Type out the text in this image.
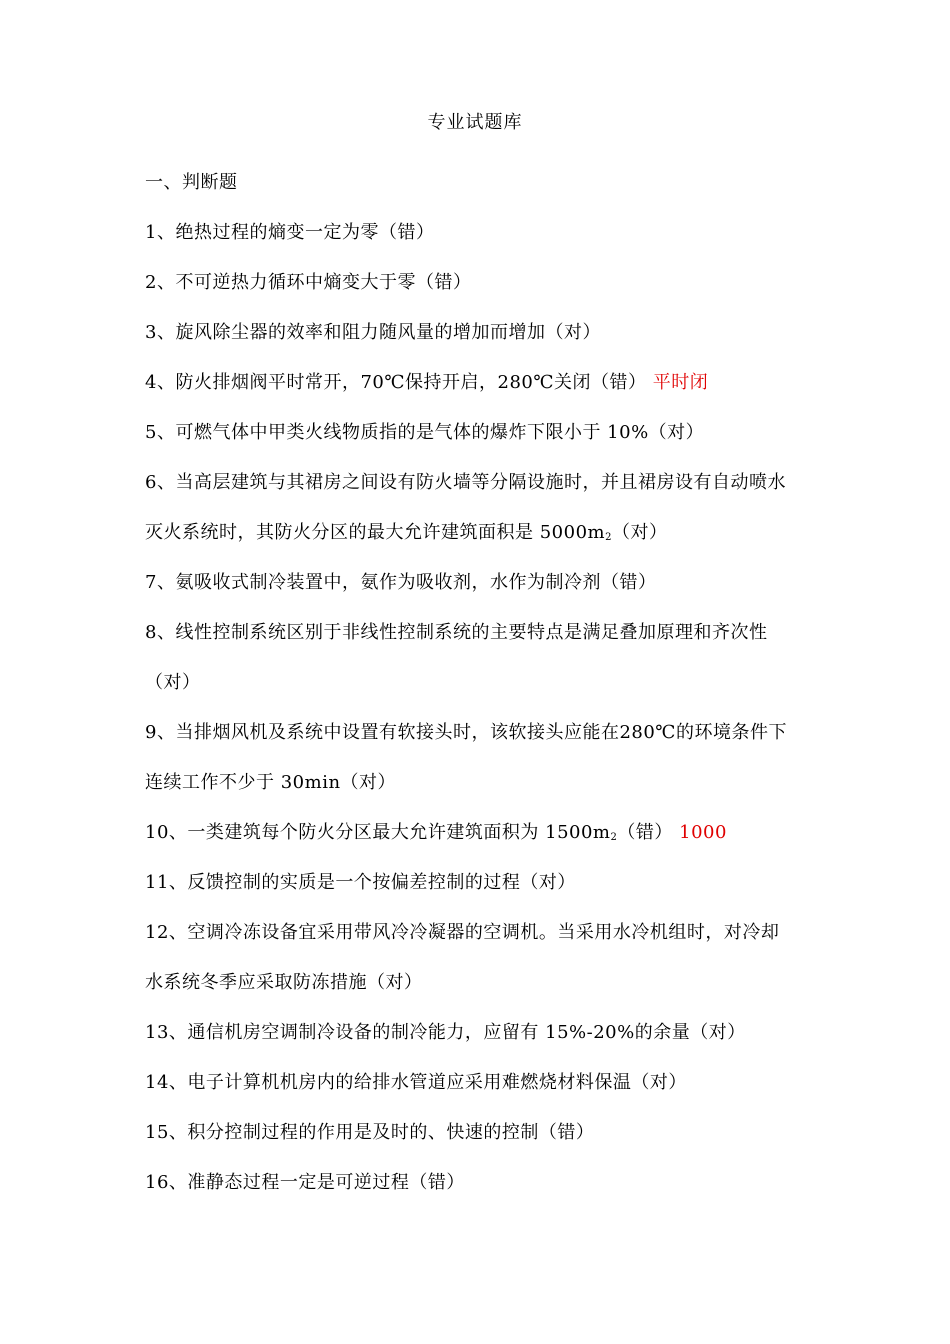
专业试题库
一、判断题
1、绝热过程的熵变一定为零（错）
2、不可逆热力循环中熵变大于零（错）
3、旋风除尘器的效率和阻力随风量的增加而增加（对）
4、防火排烟阀平时常开，70℃保持开启，280℃关闭（错） 平时闭
5、可燃气体中甲类火线物质指的是气体的爆炸下限小于 10%（对）
6、当高层建筑与其裙房之间设有防火墙等分隔设施时，并且裙房设有自动喷水
灭火系统时，其防火分区的最大允许建筑面积是 $5000m_2$（对）
7、氨吸收式制冷装置中，氨作为吸收剂，水作为制冷剂（错）
8、线性控制系统区别于非线性控制系统的主要特点是满足叠加原理和齐次性
（对）
9、当排烟风机及系统中设置有软接头时，该软接头应能在280℃的环境条件下
连续工作不少于 30min（对）
10、一类建筑每个防火分区最大允许建筑面积为 $1500m_2$（错） 1000
11、反馈控制的实质是一个按偏差控制的过程（对）
12、空调冷冻设备宜采用带风冷冷凝器的空调机。当采用水冷机组时，对冷却
水系统冬季应采取防冻措施（对）
13、通信机房空调制冷设备的制冷能力，应留有 15%-20%的余量（对）
14、电子计算机机房内的给排水管道应采用难燃烧材料保温（对）
15、积分控制过程的作用是及时的、快速的控制（错）
16、准静态过程一定是可逆过程（错）
